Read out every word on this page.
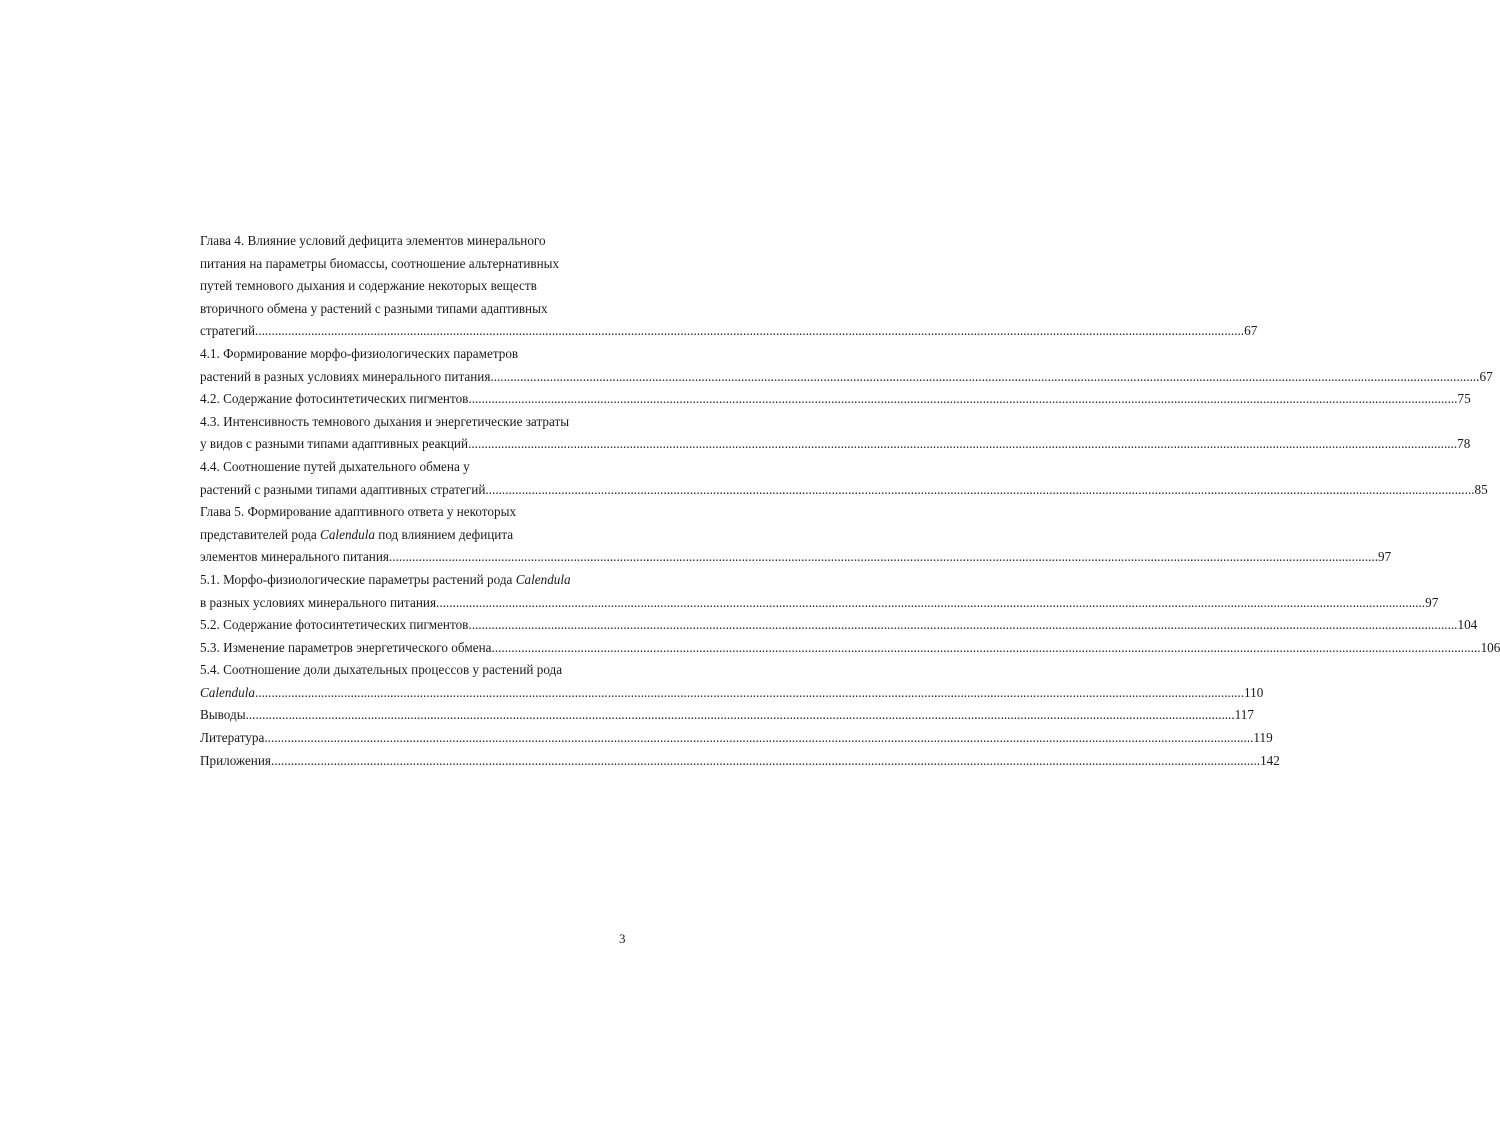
Глава 4. Влияние условий дефицита элементов минерального
питания на параметры биомассы, соотношение альтернативных
путей темнового дыхания и содержание некоторых веществ
вторичного обмена у растений с разными типами адаптивных
стратегий ............................................................................................................................................................................................................................................................................................................ 67
4.1. Формирование морфо-физиологических параметров
растений в разных условиях минерального питания ............................................................................................................................................................................................................................................................................................................ 67
4.2. Содержание фотосинтетических пигментов ............................................................................................................................................................................................................................................................................................................ 75
4.3. Интенсивность темнового дыхания и энергетические затраты
у видов с разными типами адаптивных реакций ............................................................................................................................................................................................................................................................................................................ 78
4.4. Соотношение путей дыхательного обмена у
растений с разными типами адаптивных стратегий ............................................................................................................................................................................................................................................................................................................ 85
Глава 5. Формирование адаптивного ответа у некоторых
представителей рода Calendula под влиянием дефицита
элементов минерального питания ............................................................................................................................................................................................................................................................................................................ 97
5.1. Морфо-физиологические параметры растений рода Calendula
в разных условиях минерального питания ............................................................................................................................................................................................................................................................................................................ 97
5.2. Содержание фотосинтетических пигментов ............................................................................................................................................................................................................................................................................................................ 104
5.3. Изменение параметров энергетического обмена ............................................................................................................................................................................................................................................................................................................ 106
5.4. Соотношение доли дыхательных процессов у растений рода
Calendula ............................................................................................................................................................................................................................................................................................................ 110
Выводы ............................................................................................................................................................................................................................................................................................................ 117
Литература ............................................................................................................................................................................................................................................................................................................ 119
Приложения ............................................................................................................................................................................................................................................................................................................ 142
3
